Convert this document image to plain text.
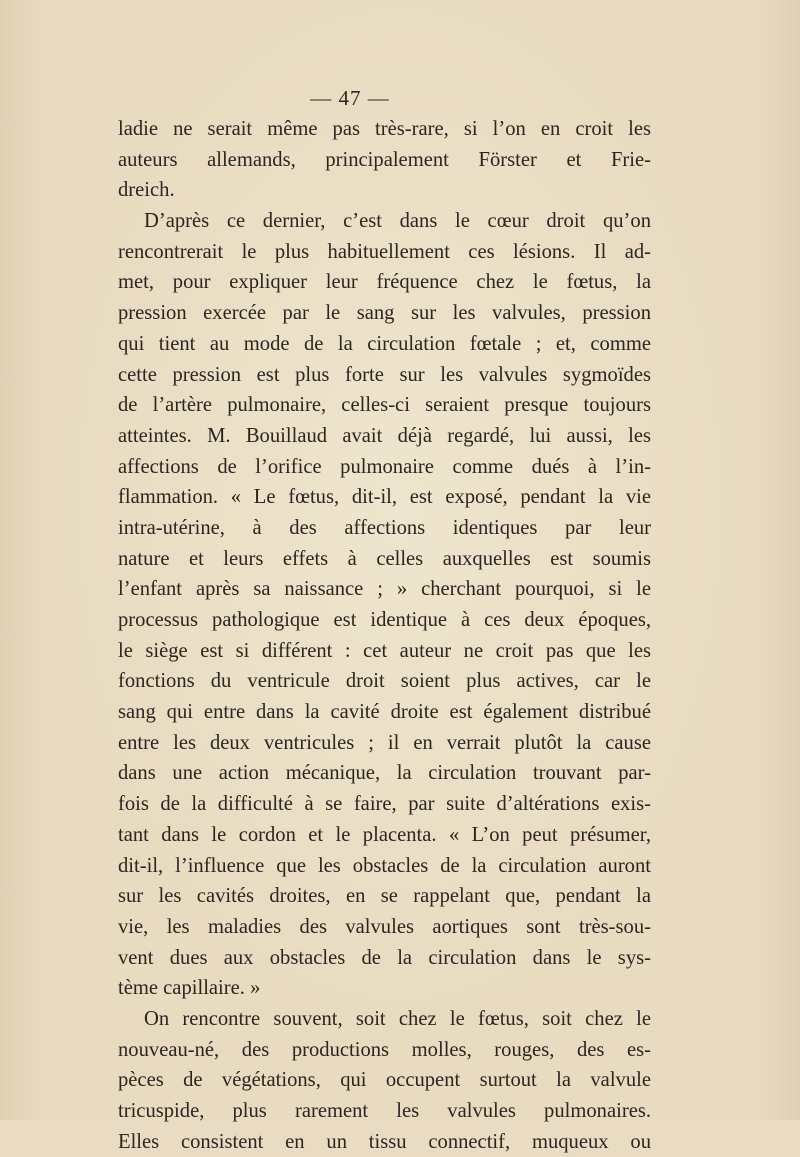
— 47 —
ladie ne serait même pas très-rare, si l’on en croit les
auteurs allemands, principalement Förster et Frie-
dreich.
D’après ce dernier, c’est dans le cœur droit qu’on
rencontrerait le plus habituellement ces lésions. Il ad-
met, pour expliquer leur fréquence chez le fœtus, la
pression exercée par le sang sur les valvules, pression
qui tient au mode de la circulation fœtale ; et, comme
cette pression est plus forte sur les valvules sygmoïdes
de l’artère pulmonaire, celles-ci seraient presque toujours
atteintes. M. Bouillaud avait déjà regardé, lui aussi, les
affections de l’orifice pulmonaire comme dués à l’in-
flammation. « Le fœtus, dit-il, est exposé, pendant la vie
intra-utérine, à des affections identiques par leur
nature et leurs effets à celles auxquelles est soumis
l’enfant après sa naissance ; » cherchant pourquoi, si le
processus pathologique est identique à ces deux époques,
le siège est si différent : cet auteur ne croit pas que les
fonctions du ventricule droit soient plus actives, car le
sang qui entre dans la cavité droite est également distribué
entre les deux ventricules ; il en verrait plutôt la cause
dans une action mécanique, la circulation trouvant par-
fois de la difficulté à se faire, par suite d’altérations exis-
tant dans le cordon et le placenta. « L’on peut présumer,
dit-il, l’influence que les obstacles de la circulation auront
sur les cavités droites, en se rappelant que, pendant la
vie, les maladies des valvules aortiques sont très-sou-
vent dues aux obstacles de la circulation dans le sys-
tème capillaire. »
On rencontre souvent, soit chez le fœtus, soit chez le
nouveau-né, des productions molles, rouges, des es-
pèces de végétations, qui occupent surtout la valvule
tricuspide, plus rarement les valvules pulmonaires.
Elles consistent en un tissu connectif, muqueux ou
